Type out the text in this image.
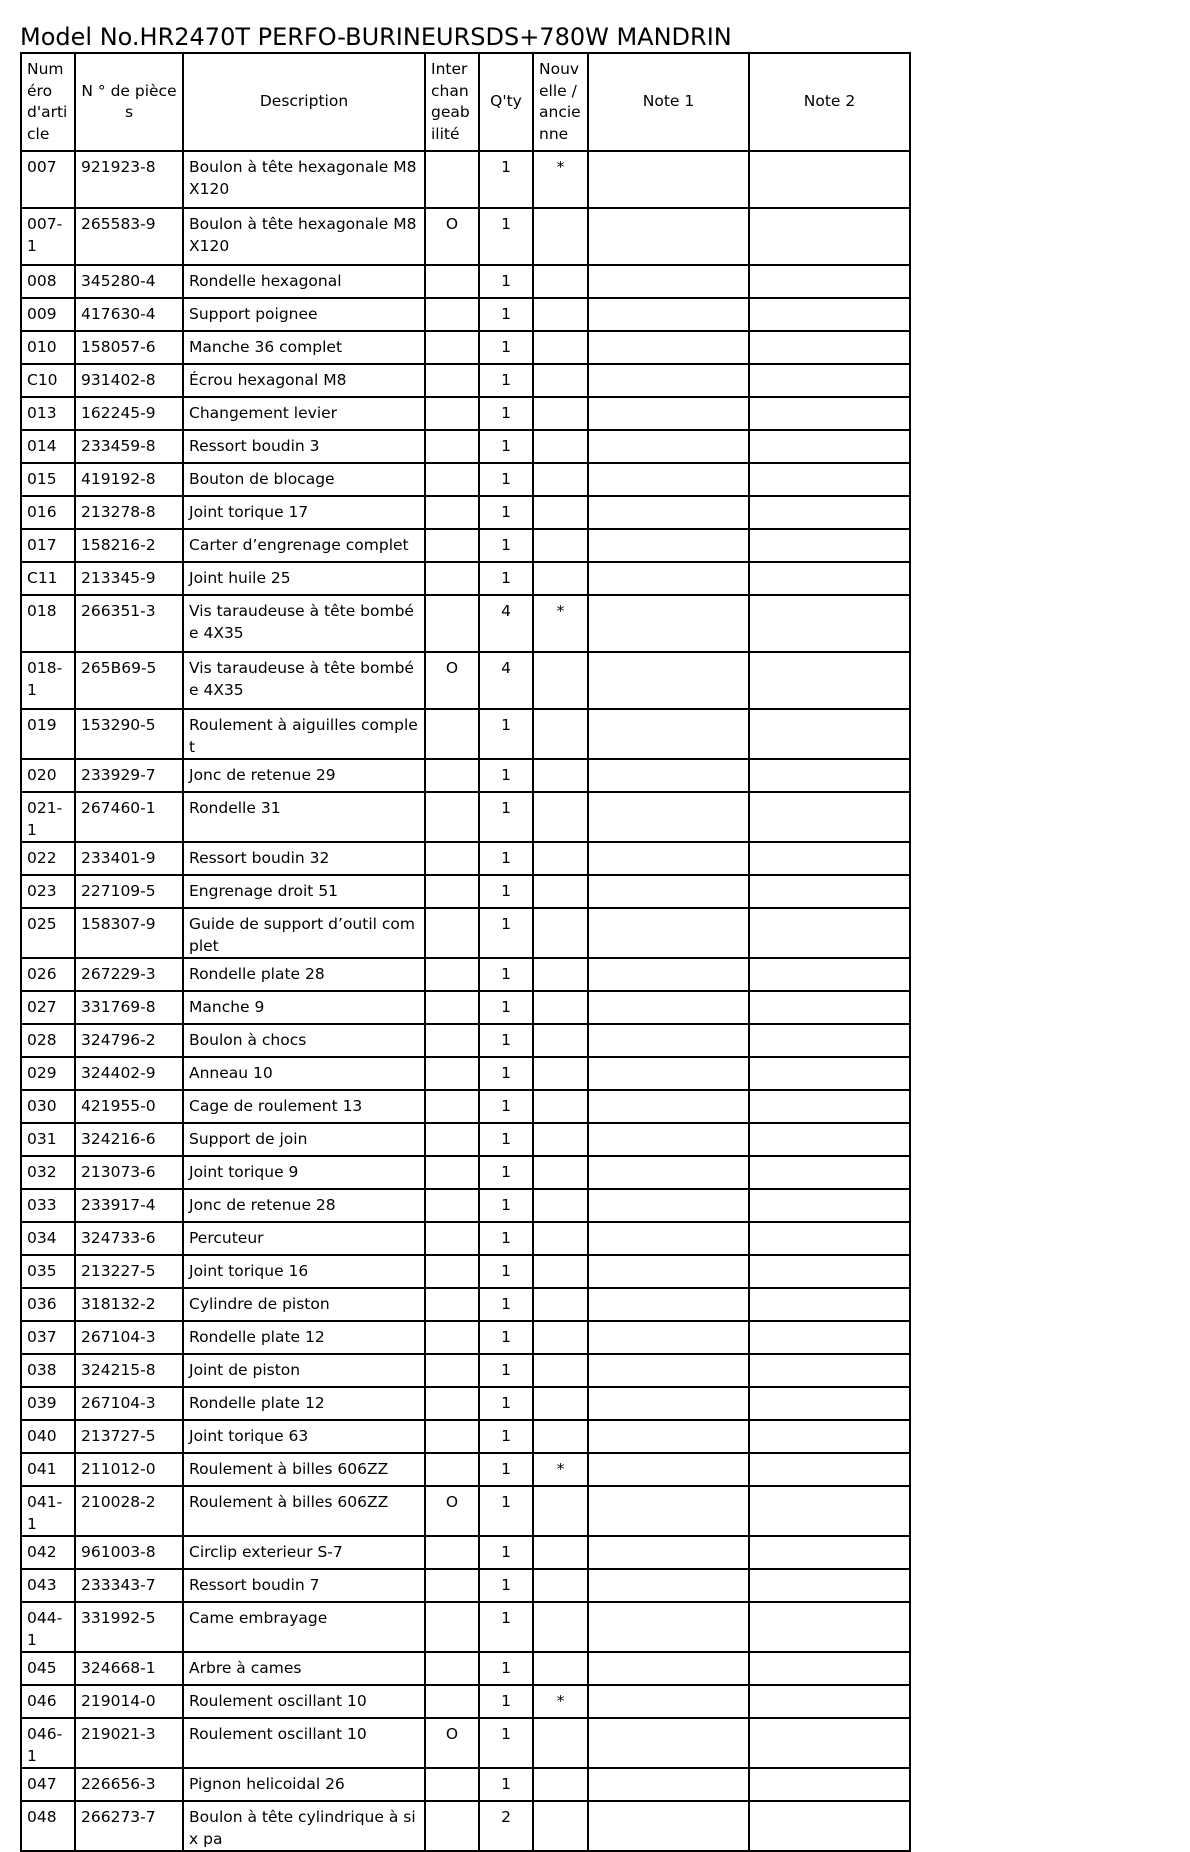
Model No.HR2470T PERFO-BURINEURSDS+780W MANDRIN
Numéro d'article	N ° de pièces	Description	Interchangeabilité	Q'ty	Nouvelle / ancienne	Note 1	Note 2
007	921923-8	Boulon à tête hexagonale M8X120		1	*		
007-1	265583-9	Boulon à tête hexagonale M8X120	O	1			
008	345280-4	Rondelle hexagonal		1			
009	417630-4	Support poignee		1			
010	158057-6	Manche 36 complet		1			
C10	931402-8	Écrou hexagonal M8		1			
013	162245-9	Changement levier		1			
014	233459-8	Ressort boudin 3		1			
015	419192-8	Bouton de blocage		1			
016	213278-8	Joint torique 17		1			
017	158216-2	Carter d’engrenage complet		1			
C11	213345-9	Joint huile 25		1			
018	266351-3	Vis taraudeuse à tête bombée 4X35		4	*		
018-1	265B69-5	Vis taraudeuse à tête bombée 4X35	O	4			
019	153290-5	Roulement à aiguilles complet		1			
020	233929-7	Jonc de retenue 29		1			
021-1	267460-1	Rondelle 31		1			
022	233401-9	Ressort boudin 32		1			
023	227109-5	Engrenage droit 51		1			
025	158307-9	Guide de support d’outil complet		1			
026	267229-3	Rondelle plate 28		1			
027	331769-8	Manche 9		1			
028	324796-2	Boulon à chocs		1			
029	324402-9	Anneau 10		1			
030	421955-0	Cage de roulement 13		1			
031	324216-6	Support de join		1			
032	213073-6	Joint torique 9		1			
033	233917-4	Jonc de retenue 28		1			
034	324733-6	Percuteur		1			
035	213227-5	Joint torique 16		1			
036	318132-2	Cylindre de piston		1			
037	267104-3	Rondelle plate 12		1			
038	324215-8	Joint de piston		1			
039	267104-3	Rondelle plate 12		1			
040	213727-5	Joint torique 63		1			
041	211012-0	Roulement à billes 606ZZ		1	*		
041-1	210028-2	Roulement à billes 606ZZ	O	1			
042	961003-8	Circlip exterieur S-7		1			
043	233343-7	Ressort boudin 7		1			
044-1	331992-5	Came embrayage		1			
045	324668-1	Arbre à cames		1			
046	219014-0	Roulement oscillant 10		1	*		
046-1	219021-3	Roulement oscillant 10	O	1			
047	226656-3	Pignon helicoidal 26		1			
048	266273-7	Boulon à tête cylindrique à six pa		2			
